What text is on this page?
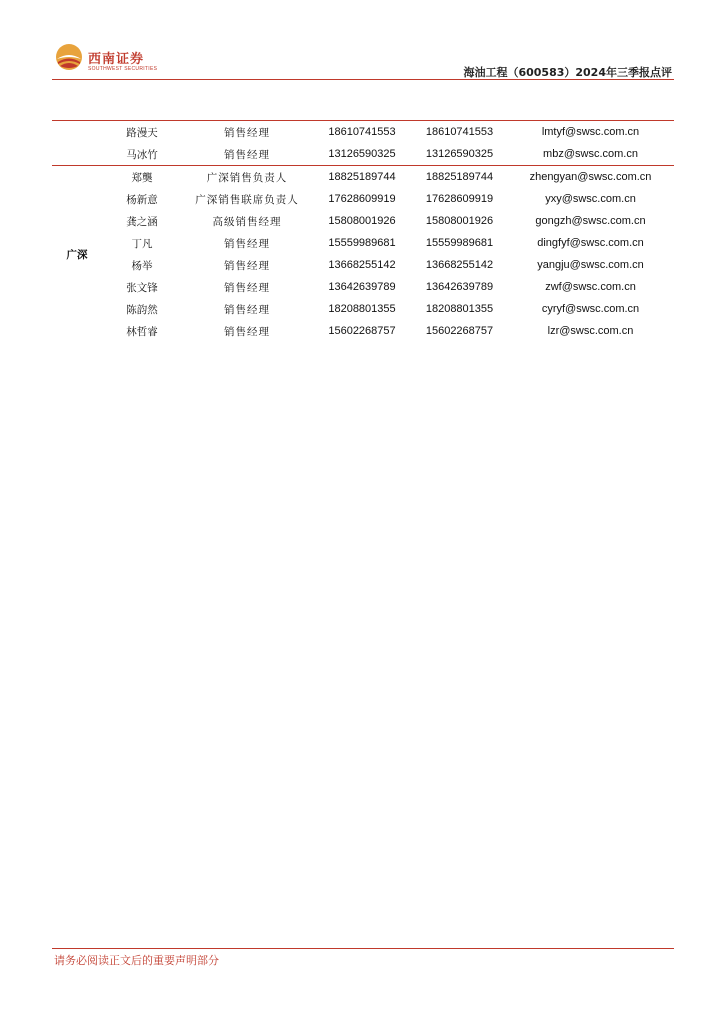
西南证券
SOUTHWEST SECURITIES	海油工程（600583）2024年三季报点评
	路漫天	销售经理	18610741553	18610741553	lmtyf@swsc.com.cn
	马冰竹	销售经理	13126590325	13126590325	mbz@swsc.com.cn
广深	郑龑	广深销售负责人	18825189744	18825189744	zhengyan@swsc.com.cn
	杨新意	广深销售联席负责人	17628609919	17628609919	yxy@swsc.com.cn
	龚之涵	高级销售经理	15808001926	15808001926	gongzh@swsc.com.cn
	丁凡	销售经理	15559989681	15559989681	dingfyf@swsc.com.cn
	杨举	销售经理	13668255142	13668255142	yangju@swsc.com.cn
	张文锋	销售经理	13642639789	13642639789	zwf@swsc.com.cn
	陈韵然	销售经理	18208801355	18208801355	cyryf@swsc.com.cn
	林哲睿	销售经理	15602268757	15602268757	lzr@swsc.com.cn
请务必阅读正文后的重要声明部分
